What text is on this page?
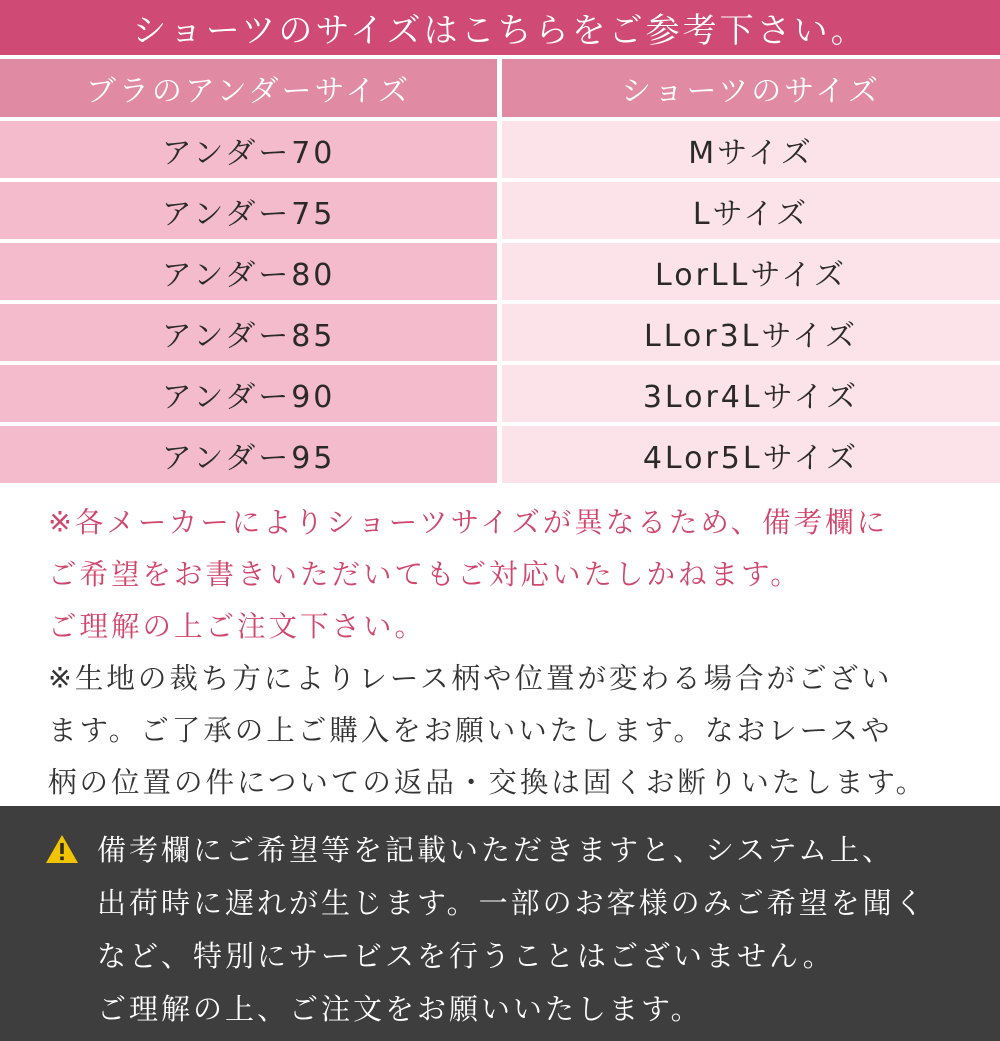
ショーツのサイズはこちらをご参考下さい。
ブラのアンダーサイズ	ショーツのサイズ
アンダー70	Mサイズ
アンダー75	Lサイズ
アンダー80	LorLLサイズ
アンダー85	LLor3Lサイズ
アンダー90	3Lor4Lサイズ
アンダー95	4Lor5Lサイズ
※各メーカーによりショーツサイズが異なるため、備考欄に
ご希望をお書きいただいてもご対応いたしかねます。
ご理解の上ご注文下さい。
※生地の裁ち方によりレース柄や位置が変わる場合がござい
ます。ご了承の上ご購入をお願いいたします。なおレースや
柄の位置の件についての返品・交換は固くお断りいたします。
備考欄にご希望等を記載いただきますと、システム上、
出荷時に遅れが生じます。一部のお客様のみご希望を聞く
など、特別にサービスを行うことはございません。
ご理解の上、ご注文をお願いいたします。
